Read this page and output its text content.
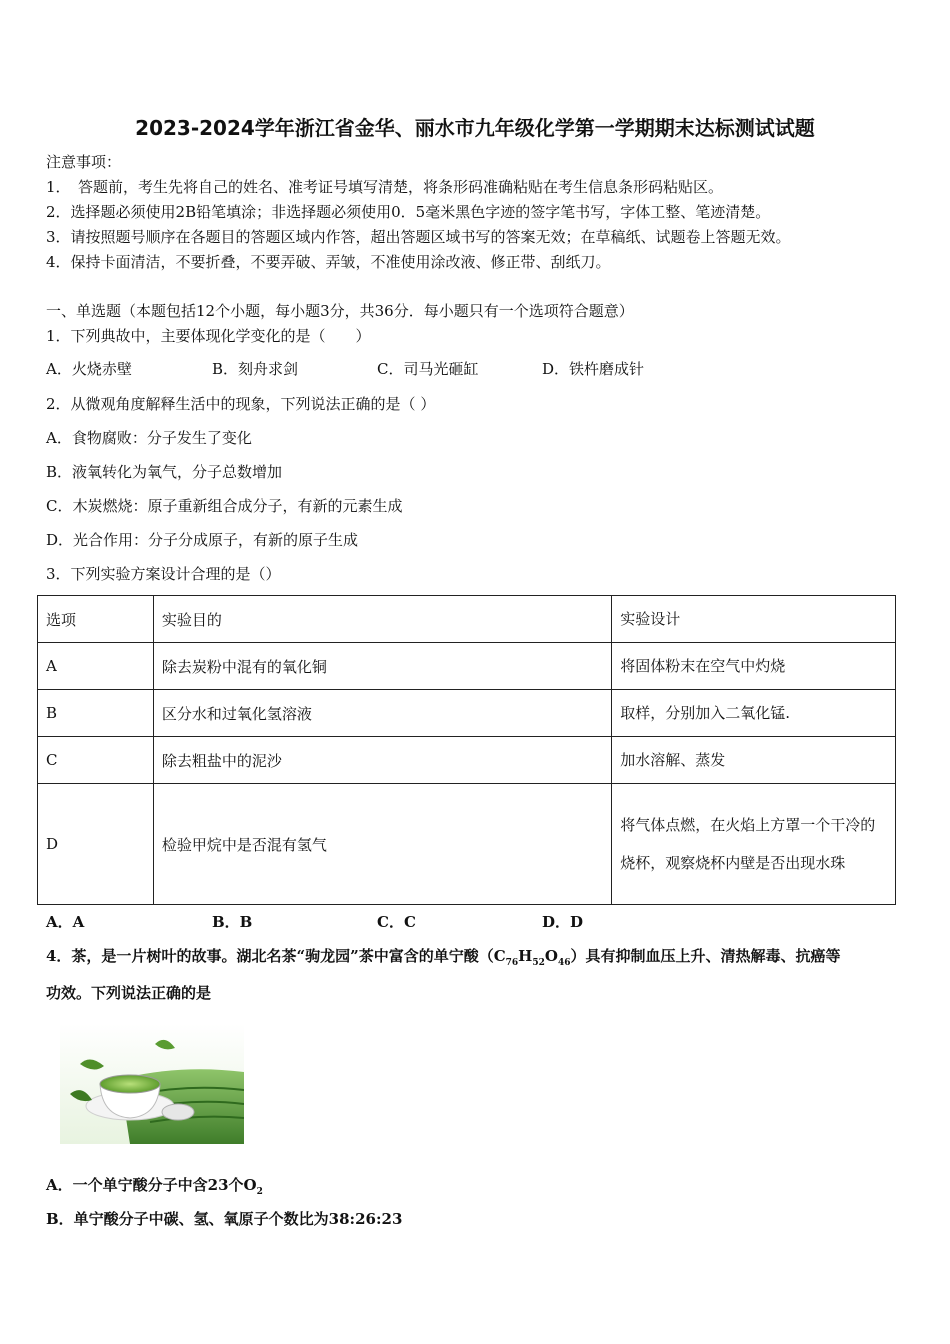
2023-2024学年浙江省金华、丽水市九年级化学第一学期期末达标测试试题
注意事项：
1．　答题前，考生先将自己的姓名、准考证号填写清楚，将条形码准确粘贴在考生信息条形码粘贴区。
2．选择题必须使用2B铅笔填涂；非选择题必须使用0．5毫米黑色字迹的签字笔书写，字体工整、笔迹清楚。
3．请按照题号顺序在各题目的答题区域内作答，超出答题区域书写的答案无效；在草稿纸、试题卷上答题无效。
4．保持卡面清洁，不要折叠，不要弄破、弄皱，不准使用涂改液、修正带、刮纸刀。
一、单选题（本题包括12个小题，每小题3分，共36分．每小题只有一个选项符合题意）
1．下列典故中，主要体现化学变化的是（　　）
A．火烧赤壁	B．刻舟求剑	C．司马光砸缸	D．铁杵磨成针
2．从微观角度解释生活中的现象，下列说法正确的是（ ）
A．食物腐败：分子发生了变化
B．液氧转化为氧气，分子总数增加
C．木炭燃烧：原子重新组合成分子，有新的元素生成
D．光合作用：分子分成原子，有新的原子生成
3．下列实验方案设计合理的是（）
选项	实验目的	实验设计
A	除去炭粉中混有的氧化铜	将固体粉末在空气中灼烧
B	区分水和过氧化氢溶液	取样，分别加入二氧化锰.
C	除去粗盐中的泥沙	加水溶解、蒸发
D	检验甲烷中是否混有氢气	将气体点燃，在火焰上方罩一个干冷的烧杯，观察烧杯内壁是否出现水珠
A．A	B．B	C．C	D．D
4．茶，是一片树叶的故事。湖北名茶“驹龙园”茶中富含的单宁酸$(C_{76}H_{52}O_{46})$具有抑制血压上升、清热解毒、抗癌等
功效。下列说法正确的是
A．一个单宁酸分子中含23个$O_2$
B．单宁酸分子中碳、氢、氧原子个数比为38:26:23
